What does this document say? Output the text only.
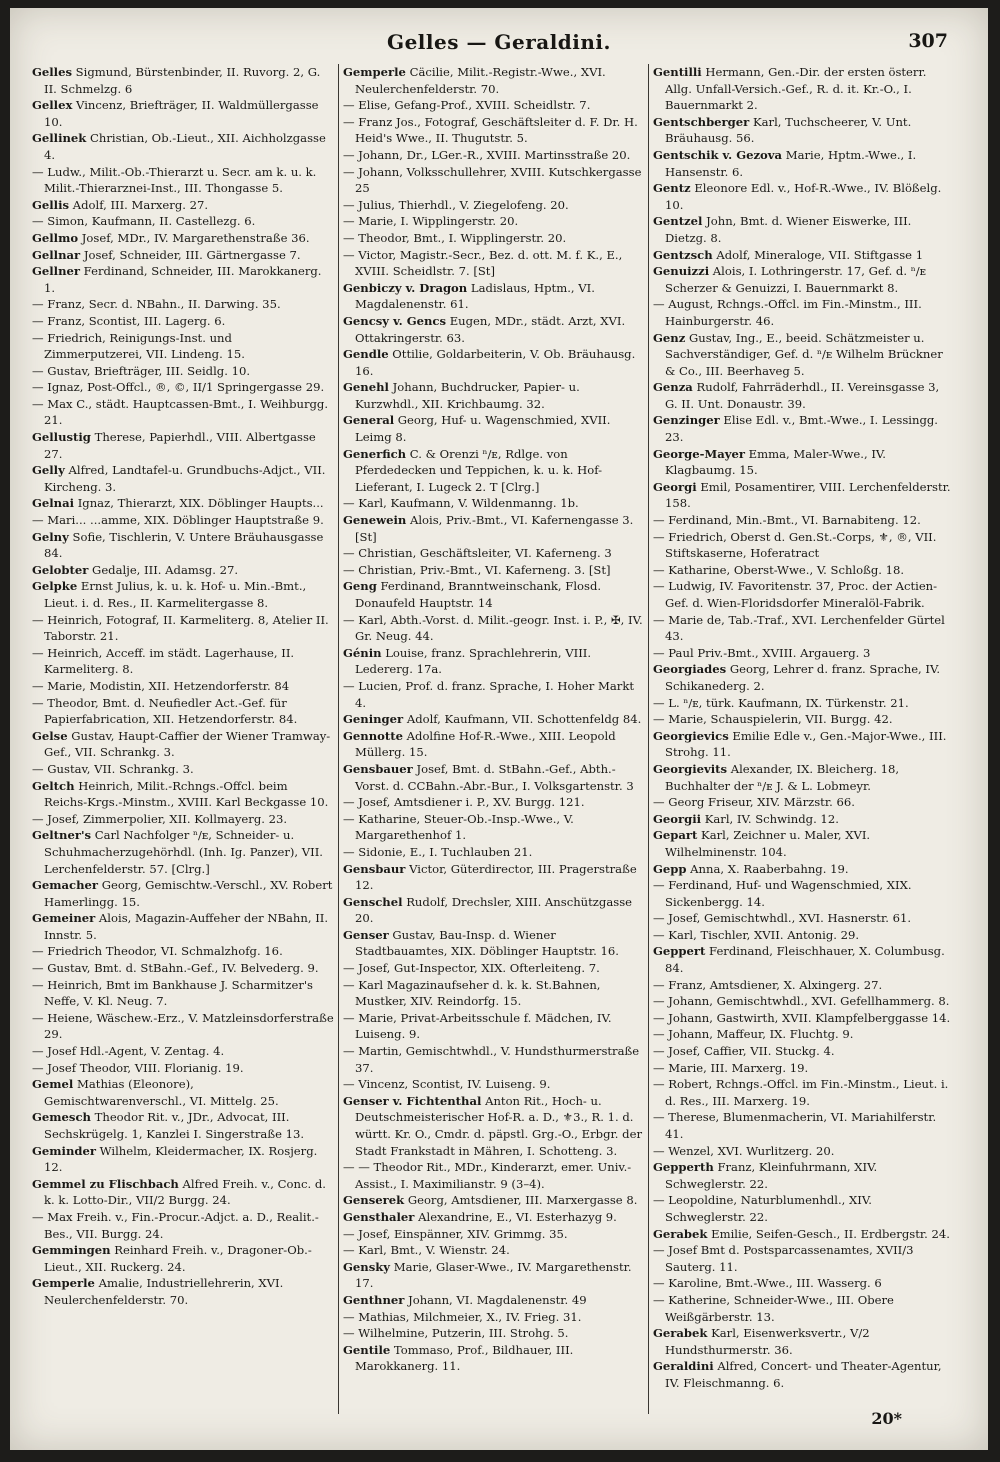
Gelles — Geraldini.	307

Gelles Sigmund, Bürstenbinder, II. Ruvorg. 2, G. II. Schmelzg. 6

Gellex Vincenz, Briefträger, II. Waldmüllergasse 10.

Gellinek Christian, Ob.-Lieut., XII. Aichholzgasse 4.

— Ludw., Milit.-Ob.-Thierarzt u. Secr. am k. u. k. Milit.-Thierarznei-Inst., III. Thongasse 5.

Gellis Adolf, III. Marxerg. 27.

— Simon, Kaufmann, II. Castellezg. 6.

Gellmo Josef, MDr., IV. Margarethenstraße 36.

Gellnar Josef, Schneider, III. Gärtnergasse 7.

Gellner Ferdinand, Schneider, III. Marokkanerg. 1.

— Franz, Secr. d. NBahn., II. Darwing. 35.

— Franz, Scontist, III. Lagerg. 6.

— Friedrich, Reinigungs-Inst. und Zimmerputzerei, VII. Lindeng. 15.

— Gustav, Briefträger, III. Seidlg. 10.

— Ignaz, Post-Offcl., ®, ©, II/1 Springergasse 29.

— Max C., städt. Hauptcassen-Bmt., I. Weihburgg. 21.

Gellustig Therese, Papierhdl., VIII. Albertgasse 27.

Gelly Alfred, Landtafel-u. Grundbuchs-Adjct., VII. Kircheng. 3.

Gelnai Ignaz, Thierarzt, XIX. Döblinger Haupts...

— Mari... ...amme, XIX. Döblinger Hauptstraße 9.

Gelny Sofie, Tischlerin, V. Untere Bräuhausgasse 84.

Gelobter Gedalje, III. Adamsg. 27.

Gelpke Ernst Julius, k. u. k. Hof- u. Min.-Bmt., Lieut. i. d. Res., II. Karmelitergasse 8.

— Heinrich, Fotograf, II. Karmeliterg. 8, Atelier II. Taborstr. 21.

— Heinrich, Acceff. im städt. Lagerhause, II. Karmeliterg. 8.

— Marie, Modistin, XII. Hetzendorferstr. 84

— Theodor, Bmt. d. Neufiedler Act.-Gef. für Papierfabrication, XII. Hetzendorferstr. 84.

Gelse Gustav, Haupt-Caffier der Wiener Tramway-Gef., VII. Schrankg. 3.

— Gustav, VII. Schrankg. 3.

Geltch Heinrich, Milit.-Rchngs.-Offcl. beim Reichs-Krgs.-Minstm., XVIII. Karl Beckgasse 10.

— Josef, Zimmerpolier, XII. Kollmayerg. 23.

Geltner's Carl Nachfolger ⁿ/ᴇ, Schneider- u. Schuhmacherzugehörhdl. (Inh. Ig. Panzer), VII. Lerchenfelderstr. 57. [Clrg.]

Gemacher Georg, Gemischtw.-Verschl., XV. Robert Hamerlingg. 15.

Gemeiner Alois, Magazin-Auffeher der NBahn, II. Innstr. 5.

— Friedrich Theodor, VI. Schmalzhofg. 16.

— Gustav, Bmt. d. StBahn.-Gef., IV. Belvederg. 9.

— Heinrich, Bmt im Bankhause J. Scharmitzer's Neffe, V. Kl. Neug. 7.

— Heiene, Wäschew.-Erz., V. Matzleinsdorferstraße 29.

— Josef Hdl.-Agent, V. Zentag. 4.

— Josef Theodor, VIII. Florianig. 19.

Gemel Mathias (Eleonore), Gemischtwarenverschl., VI. Mittelg. 25.

Gemesch Theodor Rit. v., JDr., Advocat, III. Sechskrügelg. 1, Kanzlei I. Singerstraße 13.

Geminder Wilhelm, Kleidermacher, IX. Rosjerg. 12.

Gemmel zu Flischbach Alfred Freih. v., Conc. d. k. k. Lotto-Dir., VII/2 Burgg. 24.

— Max Freih. v., Fin.-Procur.-Adjct. a. D., Realit.-Bes., VII. Burgg. 24.

Gemmingen Reinhard Freih. v., Dragoner-Ob.-Lieut., XII. Ruckerg. 24.

Gemperle Amalie, Industriellehrerin, XVI. Neulerchenfelderstr. 70.

Gemperle Cäcilie, Milit.-Registr.-Wwe., XVI. Neulerchenfelderstr. 70.

— Elise, Gefang-Prof., XVIII. Scheidlstr. 7.

— Franz Jos., Fotograf, Geschäftsleiter d. F. Dr. H. Heid's Wwe., II. Thugutstr. 5.

— Johann, Dr., LGer.-R., XVIII. Martinsstraße 20.

— Johann, Volksschullehrer, XVIII. Kutschkergasse 25

— Julius, Thierhdl., V. Ziegelofeng. 20.

— Marie, I. Wipplingerstr. 20.

— Theodor, Bmt., I. Wipplingerstr. 20.

— Victor, Magistr.-Secr., Bez. d. ott. M. f. K., E., XVIII. Scheidlstr. 7. [St]

Genbiczy v. Dragon Ladislaus, Hptm., VI. Magdalenenstr. 61.

Gencsy v. Gencs Eugen, MDr., städt. Arzt, XVI. Ottakringerstr. 63.

Gendle Ottilie, Goldarbeiterin, V. Ob. Bräuhausg. 16.

Genehl Johann, Buchdrucker, Papier- u. Kurzwhdl., XII. Krichbaumg. 32.

General Georg, Huf- u. Wagenschmied, XVII. Leimg 8.

Generfich C. & Orenzi ⁿ/ᴇ, Rdlge. von Pferdedecken und Teppichen, k. u. k. Hof-Lieferant, I. Lugeck 2. T [Clrg.]

— Karl, Kaufmann, V. Wildenmanng. 1b.

Genewein Alois, Priv.-Bmt., VI. Kafernengasse 3. [St]

— Christian, Geschäftsleiter, VI. Kaferneng. 3

— Christian, Priv.-Bmt., VI. Kaferneng. 3. [St]

Geng Ferdinand, Branntweinschank, Flosd. Donaufeld Hauptstr. 14

— Karl, Abth.-Vorst. d. Milit.-geogr. Inst. i. P., ✠, IV. Gr. Neug. 44.

Génin Louise, franz. Sprachlehrerin, VIII. Ledererg. 17a.

— Lucien, Prof. d. franz. Sprache, I. Hoher Markt 4.

Geninger Adolf, Kaufmann, VII. Schottenfeldg 84.

Gennotte Adolfine Hof-R.-Wwe., XIII. Leopold Müllerg. 15.

Gensbauer Josef, Bmt. d. StBahn.-Gef., Abth.-Vorst. d. CCBahn.-Abr.-Bur., I. Volksgartenstr. 3

— Josef, Amtsdiener i. P., XV. Burgg. 121.

— Katharine, Steuer-Ob.-Insp.-Wwe., V. Margarethenhof 1.

— Sidonie, E., I. Tuchlauben 21.

Gensbaur Victor, Güterdirector, III. Pragerstraße 12.

Genschel Rudolf, Drechsler, XIII. Anschützgasse 20.

Genser Gustav, Bau-Insp. d. Wiener Stadtbauamtes, XIX. Döblinger Hauptstr. 16.

— Josef, Gut-Inspector, XIX. Ofterleiteng. 7.

— Karl Magazinaufseher d. k. k. St.Bahnen, Mustker, XIV. Reindorfg. 15.

— Marie, Privat-Arbeitsschule f. Mädchen, IV. Luiseng. 9.

— Martin, Gemischtwhdl., V. Hundsthurmerstraße 37.

— Vincenz, Scontist, IV. Luiseng. 9.

Genser v. Fichtenthal Anton Rit., Hoch- u. Deutschmeisterischer Hof-R. a. D., ⚜3., R. 1. d. württ. Kr. O., Cmdr. d. päpstl. Grg.-O., Erbgr. der Stadt Frankstadt in Mähren, I. Schotteng. 3.

— — Theodor Rit., MDr., Kinderarzt, emer. Univ.-Assist., I. Maximilianstr. 9 (3–4).

Genserek Georg, Amtsdiener, III. Marxergasse 8.

Gensthaler Alexandrine, E., VI. Esterhazyg 9.

— Josef, Einspänner, XIV. Grimmg. 35.

— Karl, Bmt., V. Wienstr. 24.

Gensky Marie, Glaser-Wwe., IV. Margarethenstr. 17.

Genthner Johann, VI. Magdalenenstr. 49

— Mathias, Milchmeier, X., IV. Frieg. 31.

— Wilhelmine, Putzerin, III. Strohg. 5.

Gentile Tommaso, Prof., Bildhauer, III. Marokkanerg. 11.

Gentilli Hermann, Gen.-Dir. der ersten österr. Allg. Unfall-Versich.-Gef., R. d. it. Kr.-O., I. Bauernmarkt 2.

Gentschberger Karl, Tuchscheerer, V. Unt. Bräuhausg. 56.

Gentschik v. Gezova Marie, Hptm.-Wwe., I. Hansenstr. 6.

Gentz Eleonore Edl. v., Hof-R.-Wwe., IV. Blößelg. 10.

Gentzel John, Bmt. d. Wiener Eiswerke, III. Dietzg. 8.

Gentzsch Adolf, Mineraloge, VII. Stiftgasse 1

Genuizzi Alois, I. Lothringerstr. 17, Gef. d. ⁿ/ᴇ Scherzer & Genuizzi, I. Bauernmarkt 8.

— August, Rchngs.-Offcl. im Fin.-Minstm., III. Hainburgerstr. 46.

Genz Gustav, Ing., E., beeid. Schätzmeister u. Sachverständiger, Gef. d. ⁿ/ᴇ Wilhelm Brückner & Co., III. Beerhaveg 5.

Genza Rudolf, Fahrräderhdl., II. Vereinsgasse 3, G. II. Unt. Donaustr. 39.

Genzinger Elise Edl. v., Bmt.-Wwe., I. Lessingg. 23.

George-Mayer Emma, Maler-Wwe., IV. Klagbaumg. 15.

Georgi Emil, Posamentirer, VIII. Lerchenfelderstr. 158.

— Ferdinand, Min.-Bmt., VI. Barnabiteng. 12.

— Friedrich, Oberst d. Gen.St.-Corps, ⚜, ®, VII. Stiftskaserne, Hoferatract

— Katharine, Oberst-Wwe., V. Schloßg. 18.

— Ludwig, IV. Favoritenstr. 37, Proc. der Actien-Gef. d. Wien-Floridsdorfer Mineralöl-Fabrik.

— Marie de, Tab.-Traf., XVI. Lerchenfelder Gürtel 43.

— Paul Priv.-Bmt., XVIII. Argauerg. 3

Georgiades Georg, Lehrer d. franz. Sprache, IV. Schikanederg. 2.

— L. ⁿ/ᴇ, türk. Kaufmann, IX. Türkenstr. 21.

— Marie, Schauspielerin, VII. Burgg. 42.

Georgievics Emilie Edle v., Gen.-Major-Wwe., III. Strohg. 11.

Georgievits Alexander, IX. Bleicherg. 18, Buchhalter der ⁿ/ᴇ J. & L. Lobmeyr.

— Georg Friseur, XIV. Märzstr. 66.

Georgii Karl, IV. Schwindg. 12.

Gepart Karl, Zeichner u. Maler, XVI. Wilhelminenstr. 104.

Gepp Anna, X. Raaberbahng. 19.

— Ferdinand, Huf- und Wagenschmied, XIX. Sickenbergg. 14.

— Josef, Gemischtwhdl., XVI. Hasnerstr. 61.

— Karl, Tischler, XVII. Antonig. 29.

Geppert Ferdinand, Fleischhauer, X. Columbusg. 84.

— Franz, Amtsdiener, X. Alxingerg. 27.

— Johann, Gemischtwhdl., XVI. Gefellhammerg. 8.

— Johann, Gastwirth, XVII. Klampfelberggasse 14.

— Johann, Maffeur, IX. Fluchtg. 9.

— Josef, Caffier, VII. Stuckg. 4.

— Marie, III. Marxerg. 19.

— Robert, Rchngs.-Offcl. im Fin.-Minstm., Lieut. i. d. Res., III. Marxerg. 19.

— Therese, Blumenmacherin, VI. Mariahilferstr. 41.

— Wenzel, XVI. Wurlitzerg. 20.

Gepperth Franz, Kleinfuhrmann, XIV. Schweglerstr. 22.

— Leopoldine, Naturblumenhdl., XIV. Schweglerstr. 22.

Gerabek Emilie, Seifen-Gesch., II. Erdbergstr. 24.

— Josef Bmt d. Postsparcassenamtes, XVII/3 Sauterg. 11.

— Karoline, Bmt.-Wwe., III. Wasserg. 6

— Katherine, Schneider-Wwe., III. Obere Weißgärberstr. 13.

Gerabek Karl, Eisenwerksvertr., V/2 Hundsthurmerstr. 36.

Geraldini Alfred, Concert- und Theater-Agentur, IV. Fleischmanng. 6.

20*
